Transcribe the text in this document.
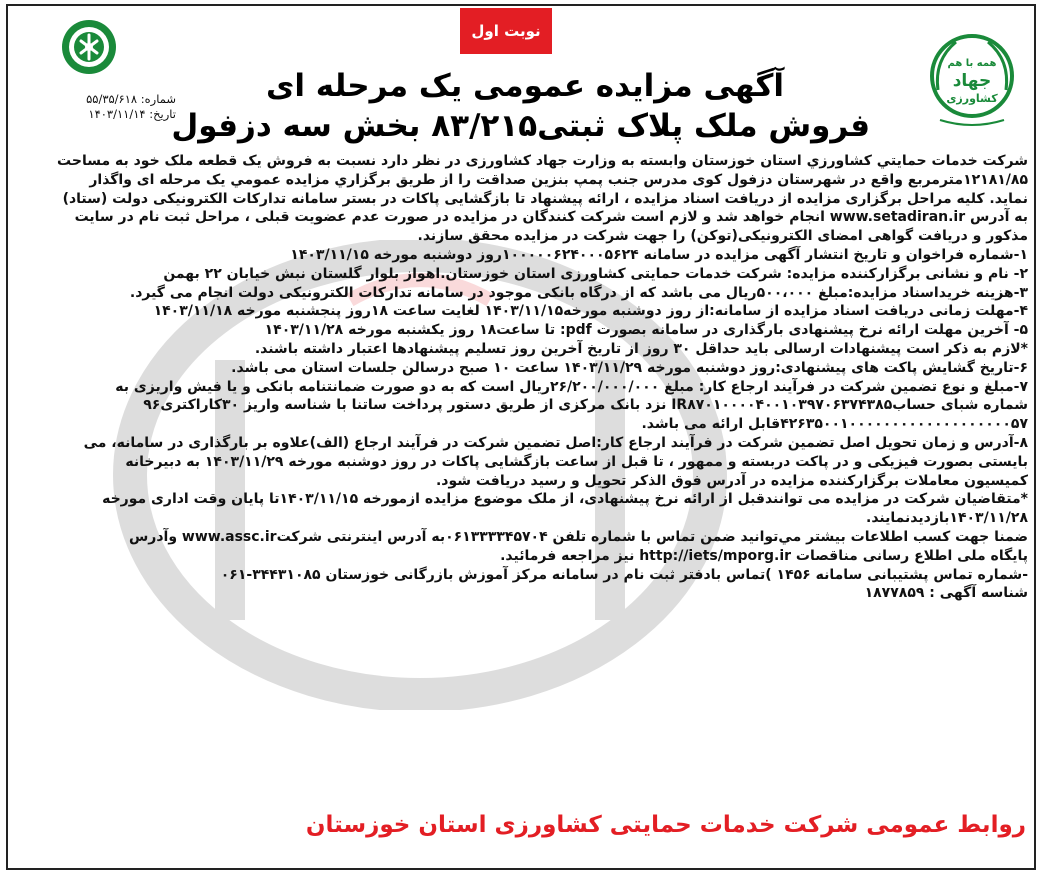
نوبت اول
شماره: ۵۵/۳۵/۶۱۸
تاریخ: ۱۴۰۳/۱۱/۱۴
همه با هم
جهاد
کشاورزی
آگهی مزایده عمومی یک مرحله ای
فروش ملک پلاک ثبتی۸۳/۲۱۵ بخش سه دزفول
شرکت خدمات حمايتي کشاورزي استان خوزستان وابسته به وزارت جهاد کشاورزی در نظر دارد نسبت به فروش یک قطعه ملک خود به مساحت
۱۲۱۸۱/۸۵مترمربع واقع در شهرستان دزفول کوی مدرس جنب پمپ بنزین صداقت را از طريق برگزاري مزايده عمومي یک مرحله ای واگذار
نماید. کلیه مراحل برگزاری مزایده از دریافت اسناد مزایده ، ارائه پیشنهاد تا بازگشایی پاکات در بستر سامانه تدارکات الکترونیکی دولت (ستاد)
به آدرس www.setadiran.ir انجام خواهد شد و لازم است شرکت کنندگان در مزایده در صورت عدم عضویت قبلی ، مراحل ثبت نام در سایت
مذکور و دریافت گواهی امضای الکترونیکی(توکن) را جهت شرکت در مزایده محقق سازند.
۱-شماره فراخوان و تاریخ انتشار آگهی مزایده در سامانه ۱۰۰۰۰۰۶۲۴۰۰۰۵۶۲۴روز دوشنبه مورخه ۱۴۰۳/۱۱/۱۵
۲- نام و نشانی برگزارکننده مزایده: شرکت خدمات حمایتی کشاورزی استان خوزستان.اهواز بلوار گلستان نبش خیابان ۲۲ بهمن
۳-هزینه خریداسناد مزایده:مبلغ ۵۰۰،۰۰۰ریال می باشد که از درگاه بانکی موجود در سامانه تدارکات الکترونیکی دولت انجام می گیرد.
۴-مهلت زمانی دریافت اسناد مزایده از سامانه:از روز دوشنبه مورخه۱۴۰۳/۱۱/۱۵ لغایت ساعت ۱۸روز پنجشنبه مورخه ۱۴۰۳/۱۱/۱۸
۵- آخرین مهلت ارائه نرخ پیشنهادی بارگذاری در سامانه بصورت pdf: تا ساعت۱۸ روز یکشنبه مورخه ۱۴۰۳/۱۱/۲۸
*لازم به ذکر است پیشنهادات ارسالی باید حداقل ۳۰ روز از تاریخ آخرین روز تسلیم پیشنهادها اعتبار داشته باشند.
۶-تاریخ گشایش پاکت های پیشنهادی:روز دوشنبه مورخه ۱۴۰۳/۱۱/۲۹ ساعت ۱۰ صبح درسالن جلسات استان می باشد.
۷-مبلغ و نوع تضمین شرکت در فرآیند ارجاع کار: مبلغ ۲۶/۲۰۰/۰۰۰/۰۰۰ریال است که به دو صورت ضمانتنامه بانکی و یا فیش واریزی به
شماره شبای حسابIR۸۷۰۱۰۰۰۰۴۰۰۱۰۳۹۷۰۶۳۷۴۳۸۵ نزد بانک مرکزی از طریق دستور پرداخت ساتنا با شناسه واریز ۳۰کاراکتری۹۶
۴۲۶۳۵۰۰۱۰۰۰۰۰۰۰۰۰۰۰۰۰۰۰۰۰۰۰۵۷قابل ارائه می باشد.
۸-آدرس و زمان تحویل اصل تضمین شرکت در فرآیند ارجاع کار:اصل تضمین شرکت در فرآیند ارجاع (الف)علاوه بر بارگذاری در سامانه، می
بایستی بصورت فیزیکی و در پاکت دربسته و ممهور ، تا قبل از ساعت بازگشایی پاکات در روز دوشنبه مورخه ۱۴۰۳/۱۱/۲۹ به دبیرخانه
کمیسیون معاملات برگزارکننده مزایده در آدرس فوق الذکر تحویل و رسید دریافت شود.
*متقاضیان شرکت در مزایده می توانندقبل از ارائه نرخ پیشنهادی، از ملک موضوع مزایده ازمورخه ۱۴۰۳/۱۱/۱۵تا پایان وقت اداری مورخه
۱۴۰۳/۱۱/۲۸بازدیدنمایند.
ضمنا جهت کسب اطلاعات بیشتر مي‌توانيد ضمن تماس با شماره تلفن ۰۶۱۳۳۳۳۴۵۷۰۴به آدرس اینترنتی شرکتwww.assc.ir وآدرس
پایگاه ملی اطلاع رسانی مناقصات http://iets/mporg.ir نیز مراجعه فرمائید.
-شماره تماس پشتیبانی سامانه ۱۴۵۶ )تماس بادفتر ثبت نام در سامانه مرکز آموزش بازرگانی خوزستان ۳۴۴۳۱۰۸۵-۰۶۱
شناسه آگهی : ۱۸۷۷۸۵۹
روابط عمومی شرکت خدمات حمایتی کشاورزی استان خوزستان
